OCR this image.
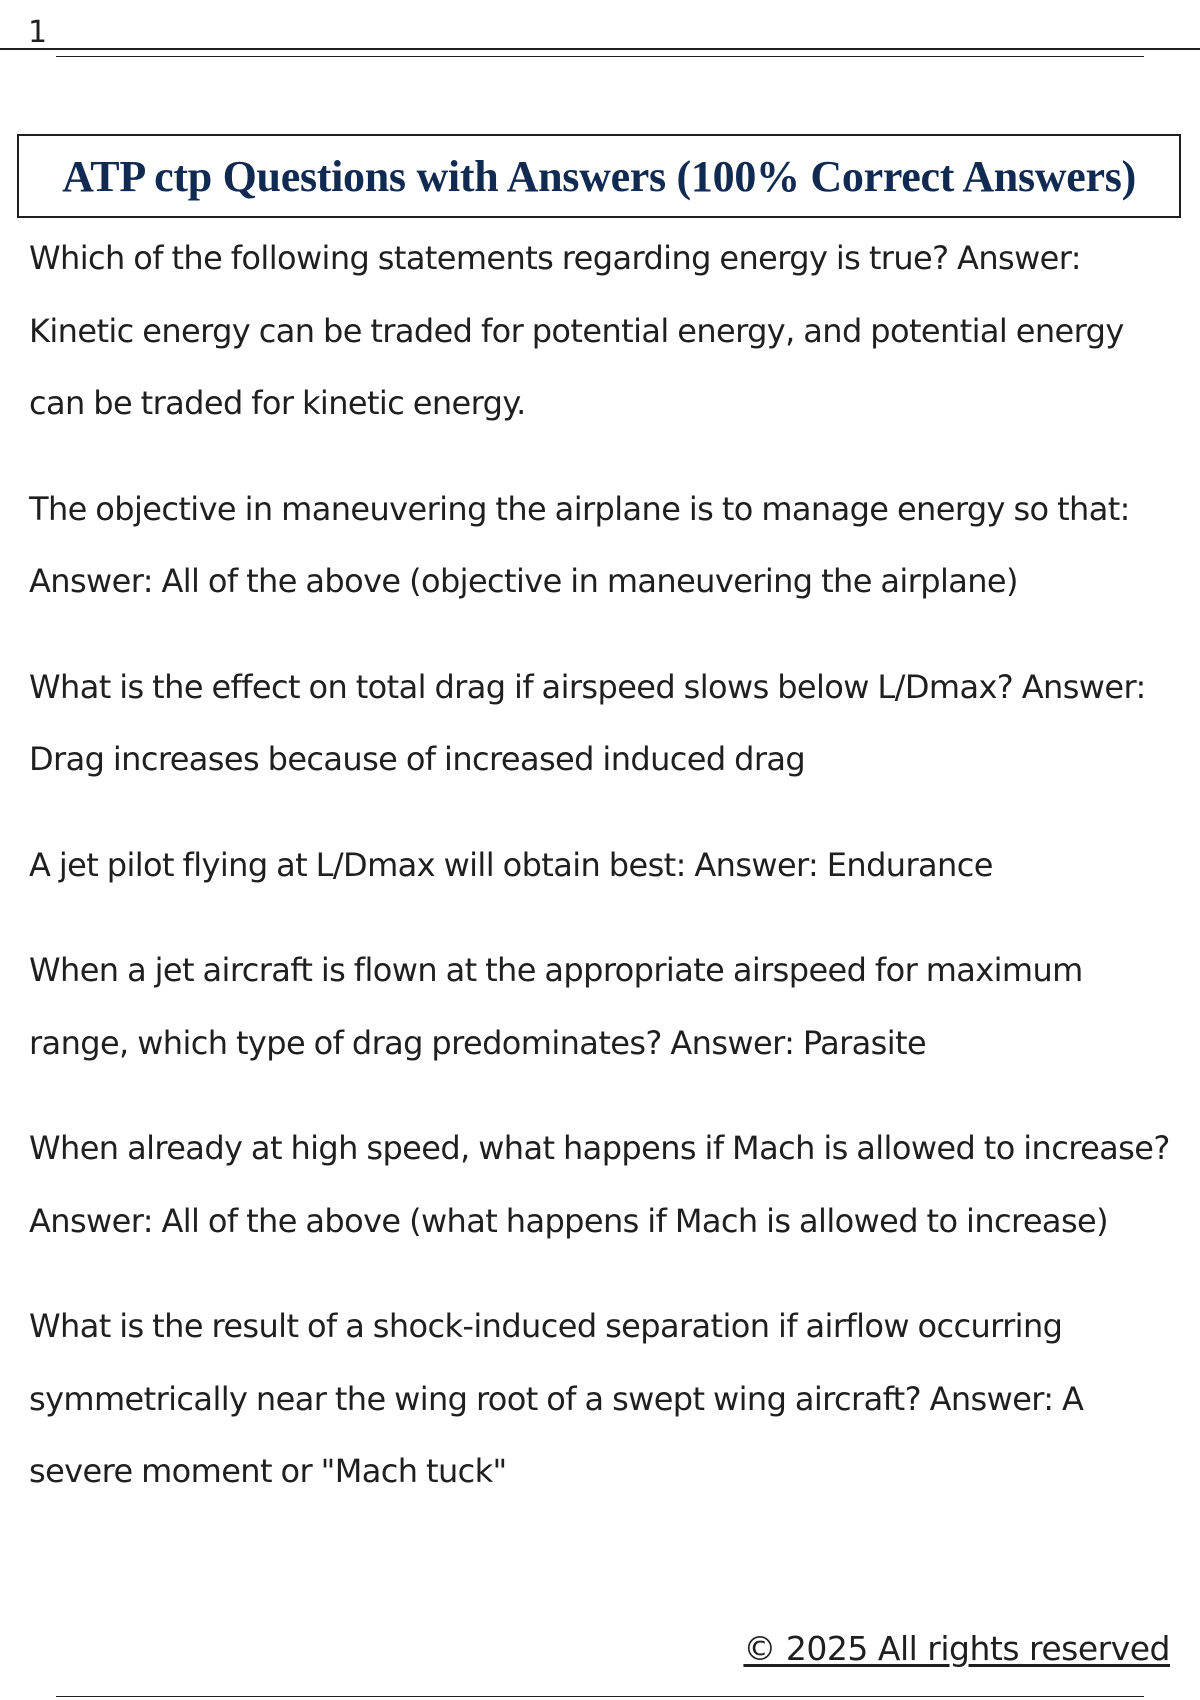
1
ATP ctp Questions with Answers (100% Correct Answers)

Which of the following statements regarding energy is true? Answer: Kinetic energy can be traded for potential energy, and potential energy can be traded for kinetic energy.

The objective in maneuvering the airplane is to manage energy so that: Answer: All of the above (objective in maneuvering the airplane)

What is the effect on total drag if airspeed slows below L/Dmax? Answer: Drag increases because of increased induced drag

A jet pilot flying at L/Dmax will obtain best: Answer: Endurance

When a jet aircraft is flown at the appropriate airspeed for maximum range, which type of drag predominates? Answer: Parasite

When already at high speed, what happens if Mach is allowed to increase? Answer: All of the above (what happens if Mach is allowed to increase)

What is the result of a shock-induced separation if airflow occurring symmetrically near the wing root of a swept wing aircraft? Answer: A severe moment or "Mach tuck"

© 2025 All rights reserved
